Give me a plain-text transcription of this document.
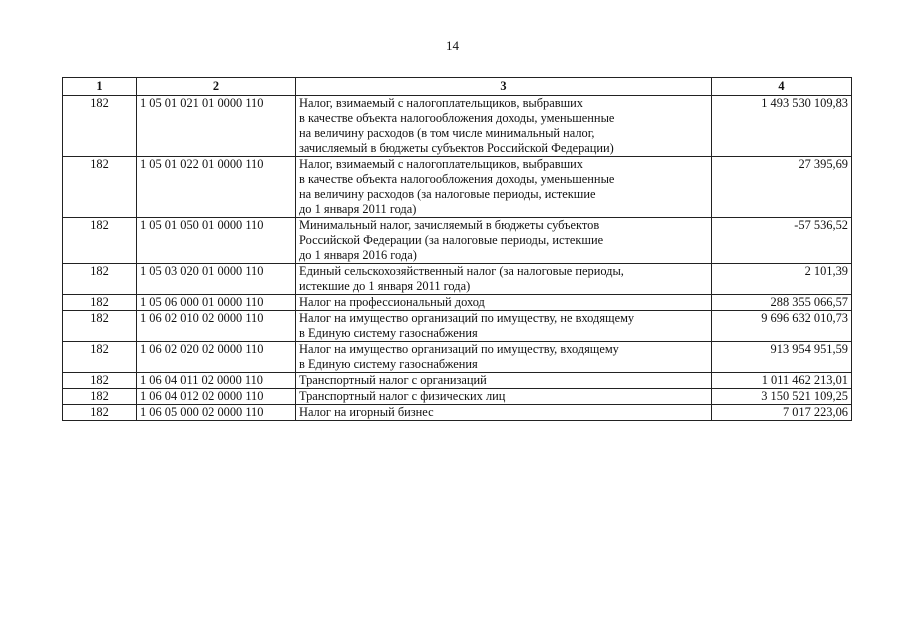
14
1	2	3	4
182	1 05 01 021 01 0000 110	Налог, взимаемый с налогоплательщиков, выбравших
в качестве объекта налогообложения доходы, уменьшенные
на величину расходов (в том числе минимальный налог,
зачисляемый в бюджеты субъектов Российской Федерации)	1 493 530 109,83
182	1 05 01 022 01 0000 110	Налог, взимаемый с налогоплательщиков, выбравших
в качестве объекта налогообложения доходы, уменьшенные
на величину расходов (за налоговые периоды, истекшие
до 1 января 2011 года)	27 395,69
182	1 05 01 050 01 0000 110	Минимальный налог, зачисляемый в бюджеты субъектов
Российской Федерации (за налоговые периоды, истекшие
до 1 января 2016 года)	-57 536,52
182	1 05 03 020 01 0000 110	Единый сельскохозяйственный налог (за налоговые периоды,
истекшие до 1 января 2011 года)	2 101,39
182	1 05 06 000 01 0000 110	Налог на профессиональный доход	288 355 066,57
182	1 06 02 010 02 0000 110	Налог на имущество организаций по имуществу, не входящему
в Единую систему газоснабжения	9 696 632 010,73
182	1 06 02 020 02 0000 110	Налог на имущество организаций по имуществу, входящему
в Единую систему газоснабжения	913 954 951,59
182	1 06 04 011 02 0000 110	Транспортный налог с организаций	1 011 462 213,01
182	1 06 04 012 02 0000 110	Транспортный налог с физических лиц	3 150 521 109,25
182	1 06 05 000 02 0000 110	Налог на игорный бизнес	7 017 223,06
